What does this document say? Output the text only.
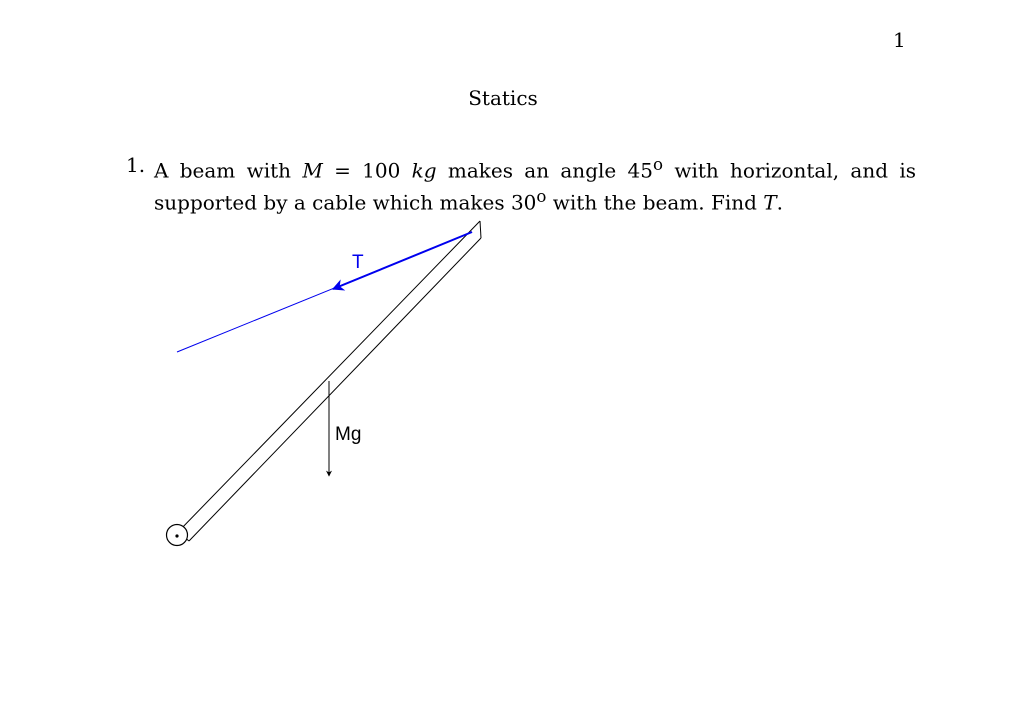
1
Statics
1. A beam with M = 100 kg makes an angle 45$^o$ with horizontal, and is supported by a cable which makes 30$^o$ with the beam. Find T.
T
Mg
